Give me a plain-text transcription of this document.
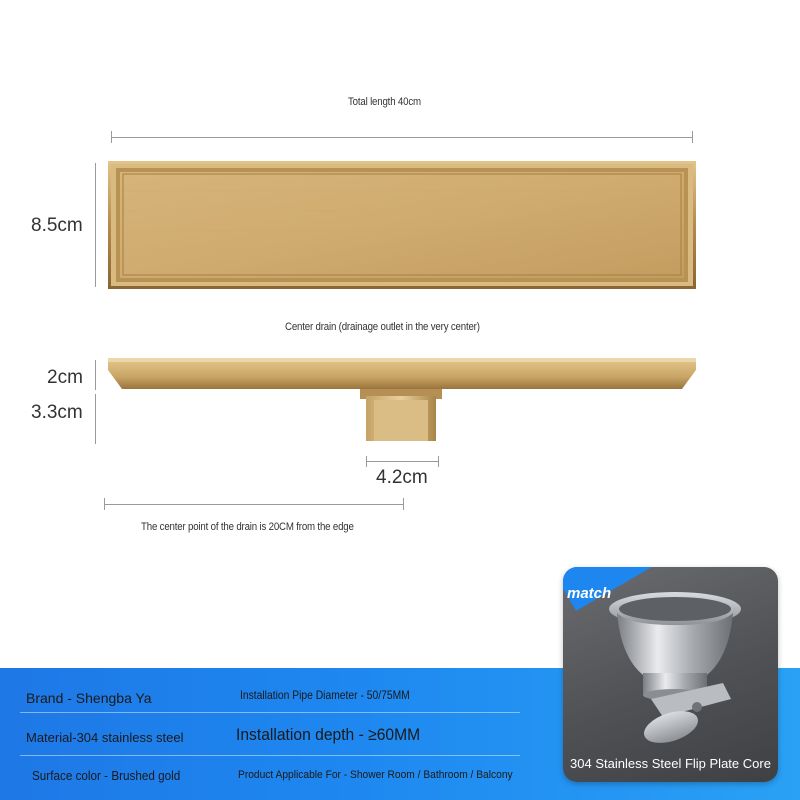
Total length 40cm
8.5cm
Center drain (drainage outlet in the very center)
2cm
3.3cm
4.2cm
The center point of the drain is 20CM from the edge
Brand - Shengba Ya
Material-304 stainless steel
Surface color - Brushed gold
Installation Pipe Diameter - 50/75MM
Installation depth - ≥60MM
Product Applicable For - Shower Room / Bathroom / Balcony
match
304 Stainless Steel Flip Plate Core
